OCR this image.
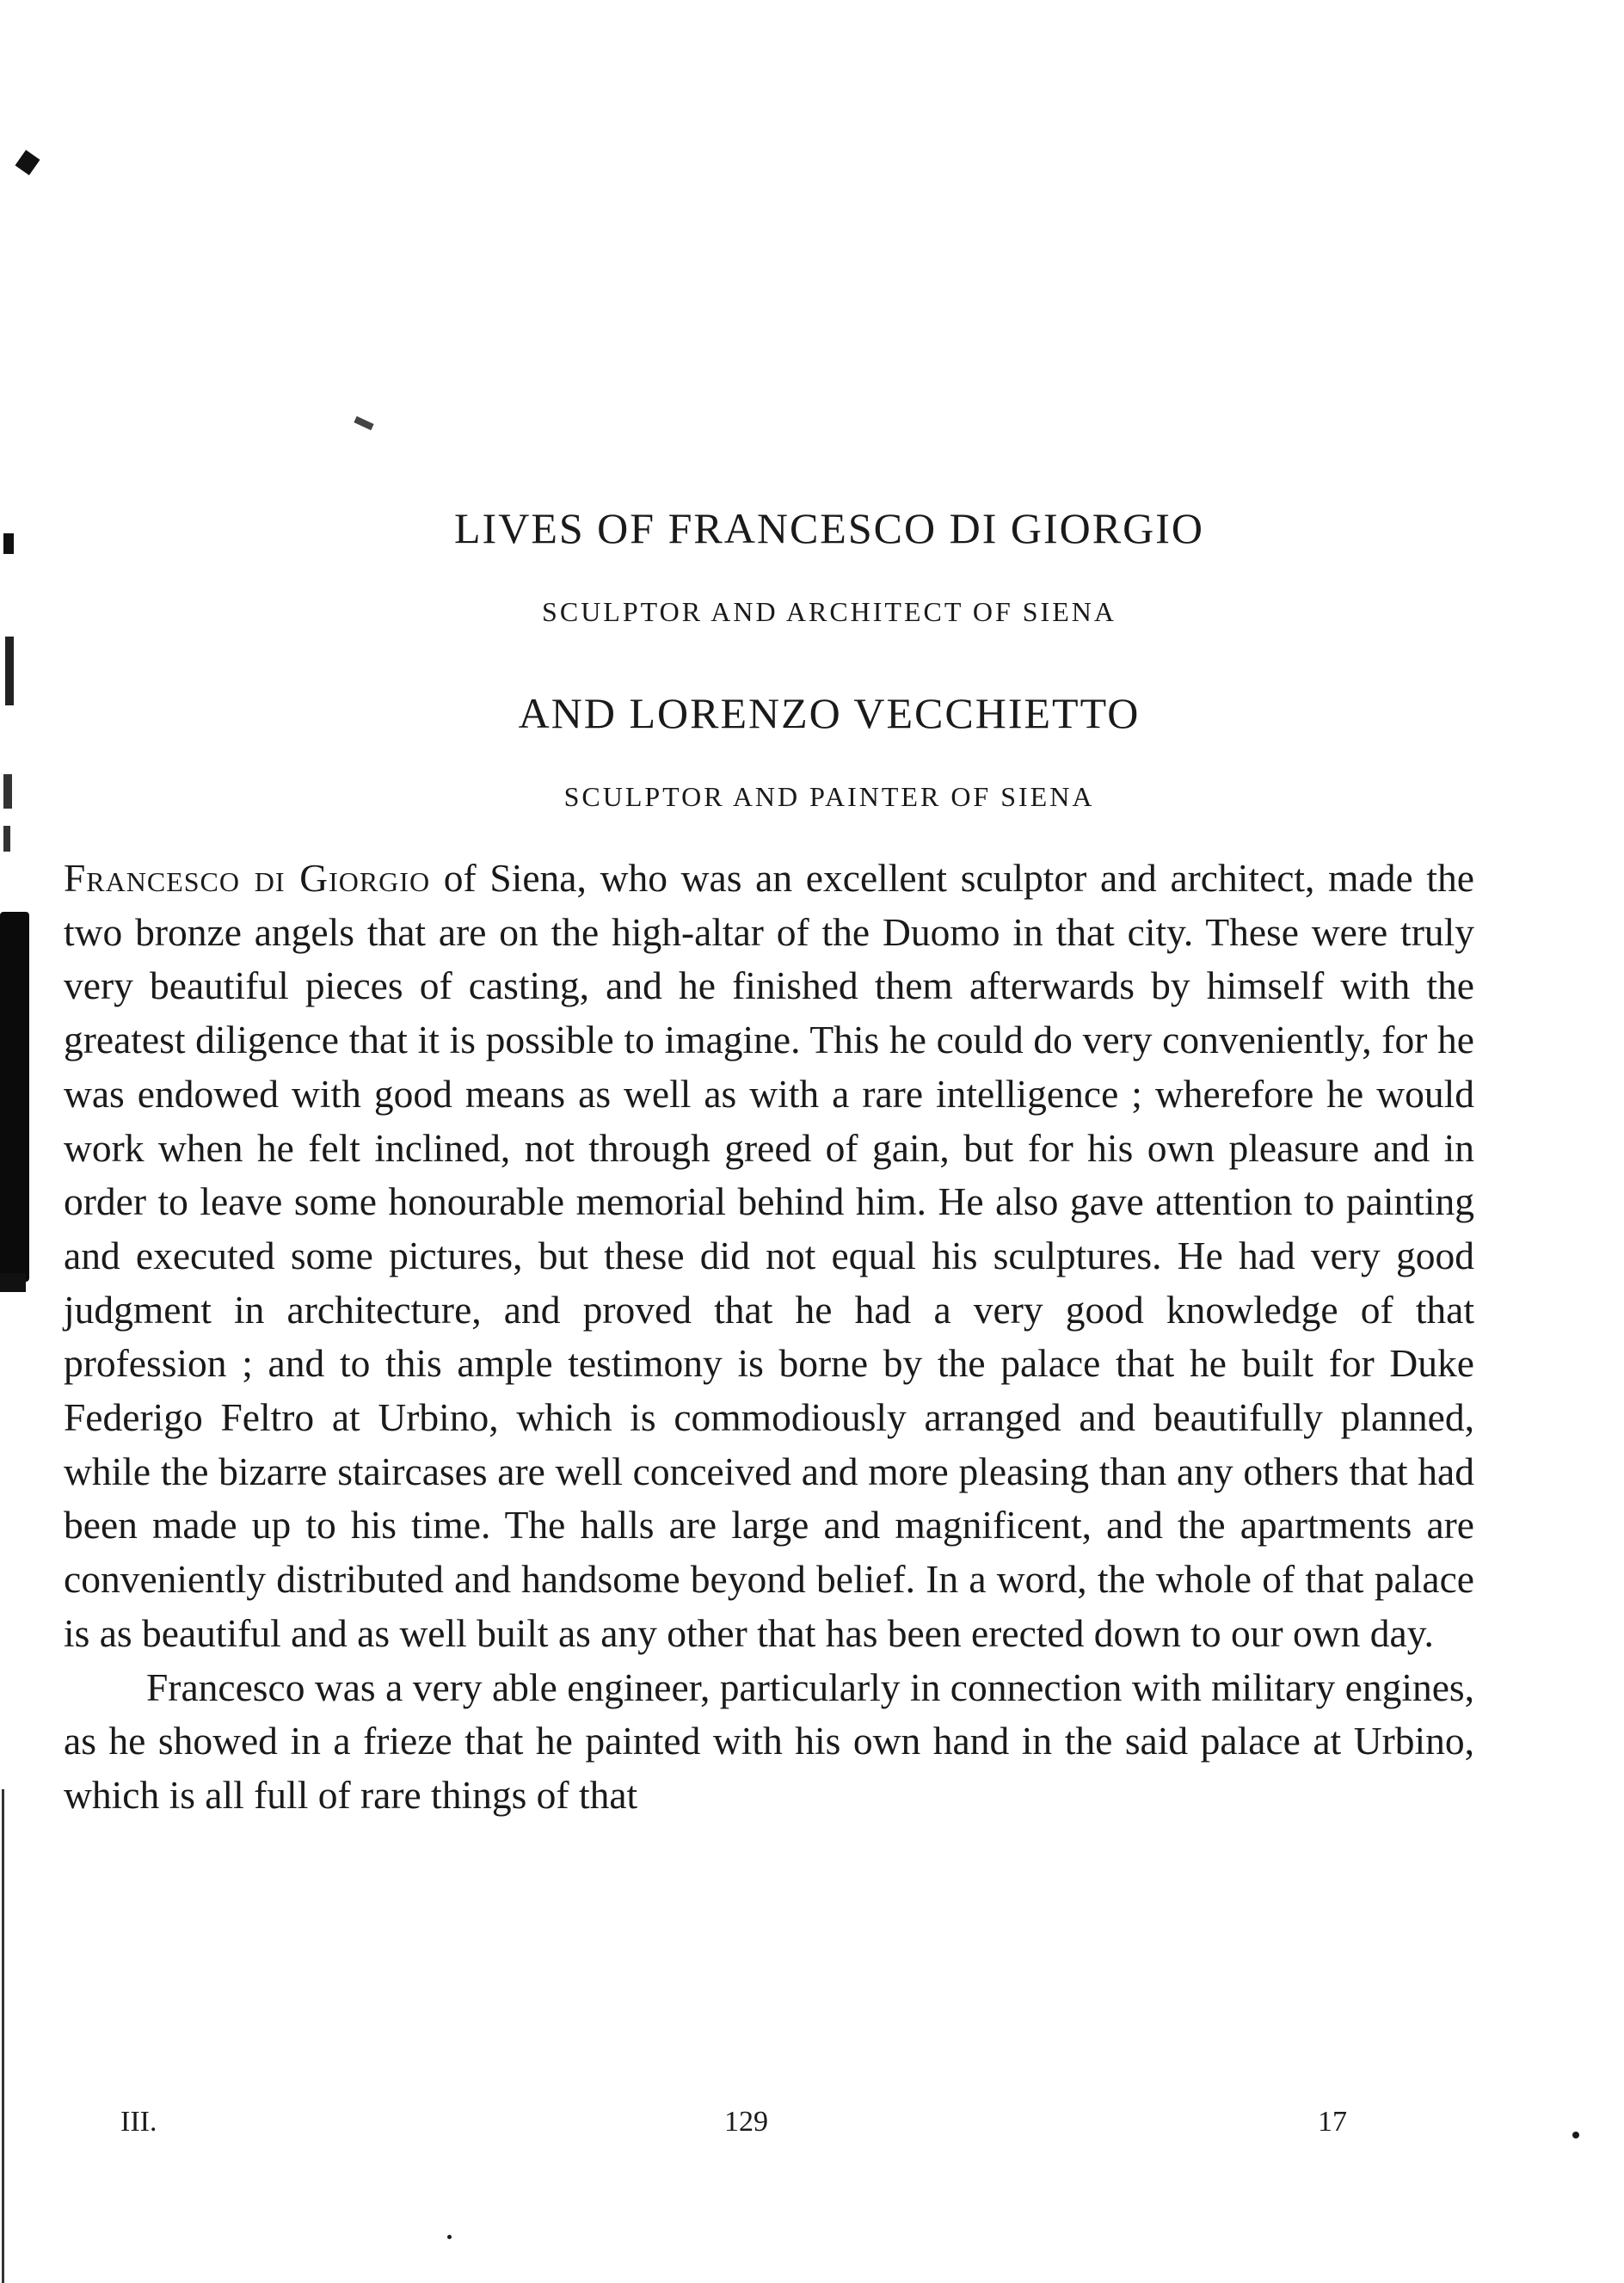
LIVES OF FRANCESCO DI GIORGIO
SCULPTOR AND ARCHITECT OF SIENA
AND LORENZO VECCHIETTO
SCULPTOR AND PAINTER OF SIENA

Francesco di Giorgio of Siena, who was an excellent sculptor and architect, made the two bronze angels that are on the high-altar of the Duomo in that city. These were truly very beautiful pieces of casting, and he finished them afterwards by himself with the greatest diligence that it is possible to imagine. This he could do very conveniently, for he was endowed with good means as well as with a rare intelligence ; wherefore he would work when he felt inclined, not through greed of gain, but for his own pleasure and in order to leave some honourable memorial behind him. He also gave attention to painting and executed some pictures, but these did not equal his sculptures. He had very good judgment in architecture, and proved that he had a very good knowledge of that profession ; and to this ample testimony is borne by the palace that he built for Duke Federigo Feltro at Urbino, which is commodiously arranged and beautifully planned, while the bizarre staircases are well conceived and more pleasing than any others that had been made up to his time. The halls are large and magnificent, and the apartments are conveniently distributed and handsome beyond belief. In a word, the whole of that palace is as beautiful and as well built as any other that has been erected down to our own day.

Francesco was a very able engineer, particularly in connection with military engines, as he showed in a frieze that he painted with his own hand in the said palace at Urbino, which is all full of rare things of that

III.	129	17
